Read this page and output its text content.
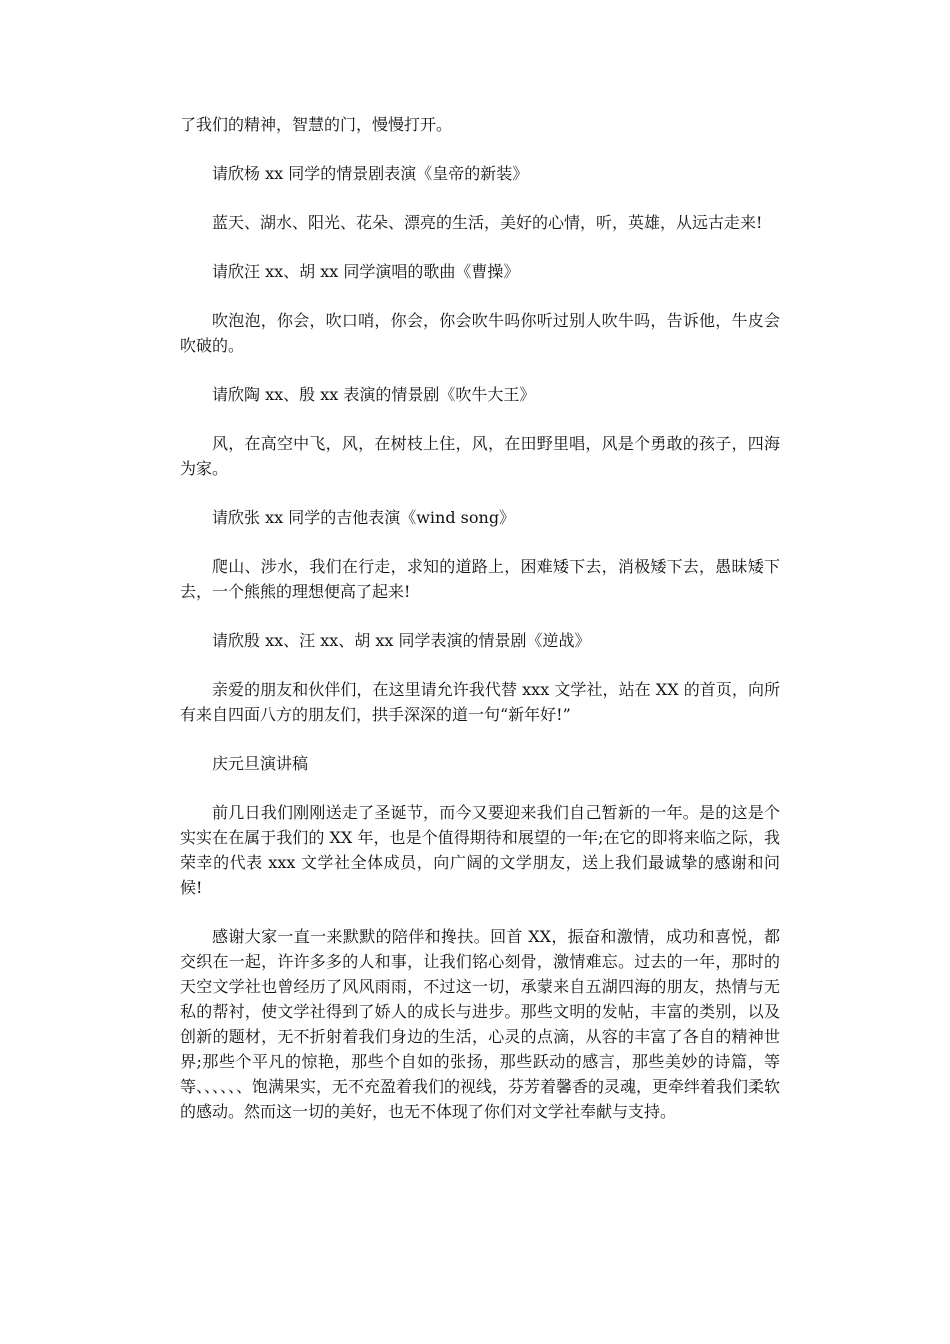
了我们的精神，智慧的门，慢慢打开。

请欣杨 xx 同学的情景剧表演《皇帝的新装》

蓝天、湖水、阳光、花朵、漂亮的生活，美好的心情，听，英雄，从远古走来!

请欣汪 xx、胡 xx 同学演唱的歌曲《曹操》

吹泡泡，你会，吹口哨，你会，你会吹牛吗你听过别人吹牛吗，告诉他，牛皮会吹破的。

请欣陶 xx、殷 xx 表演的情景剧《吹牛大王》

风，在高空中飞，风，在树枝上住，风，在田野里唱，风是个勇敢的孩子，四海为家。

请欣张 xx 同学的吉他表演《wind song》

爬山、涉水，我们在行走，求知的道路上，困难矮下去，消极矮下去，愚昧矮下去，一个熊熊的理想便高了起来!

请欣殷 xx、汪 xx、胡 xx 同学表演的情景剧《逆战》

亲爱的朋友和伙伴们，在这里请允许我代替 xxx 文学社，站在 XX 的首页，向所有来自四面八方的朋友们，拱手深深的道一句“新年好!”

庆元旦演讲稿

前几日我们刚刚送走了圣诞节，而今又要迎来我们自己暂新的一年。是的这是个实实在在属于我们的 XX 年，也是个值得期待和展望的一年;在它的即将来临之际，我荣幸的代表 xxx 文学社全体成员，向广阔的文学朋友，送上我们最诚挚的感谢和问候!

感谢大家一直一来默默的陪伴和搀扶。回首 XX，振奋和激情，成功和喜悦，都交织在一起，许许多多的人和事，让我们铭心刻骨，激情难忘。过去的一年，那时的天空文学社也曾经历了风风雨雨，不过这一切，承蒙来自五湖四海的朋友，热情与无私的帮衬，使文学社得到了娇人的成长与进步。那些文明的发帖，丰富的类别，以及创新的题材，无不折射着我们身边的生活，心灵的点滴，从容的丰富了各自的精神世界;那些个平凡的惊艳，那些个自如的张扬，那些跃动的感言，那些美妙的诗篇，等等、、、、、、饱满果实，无不充盈着我们的视线，芬芳着馨香的灵魂，更牵绊着我们柔软的感动。然而这一切的美好，也无不体现了你们对文学社奉献与支持。
